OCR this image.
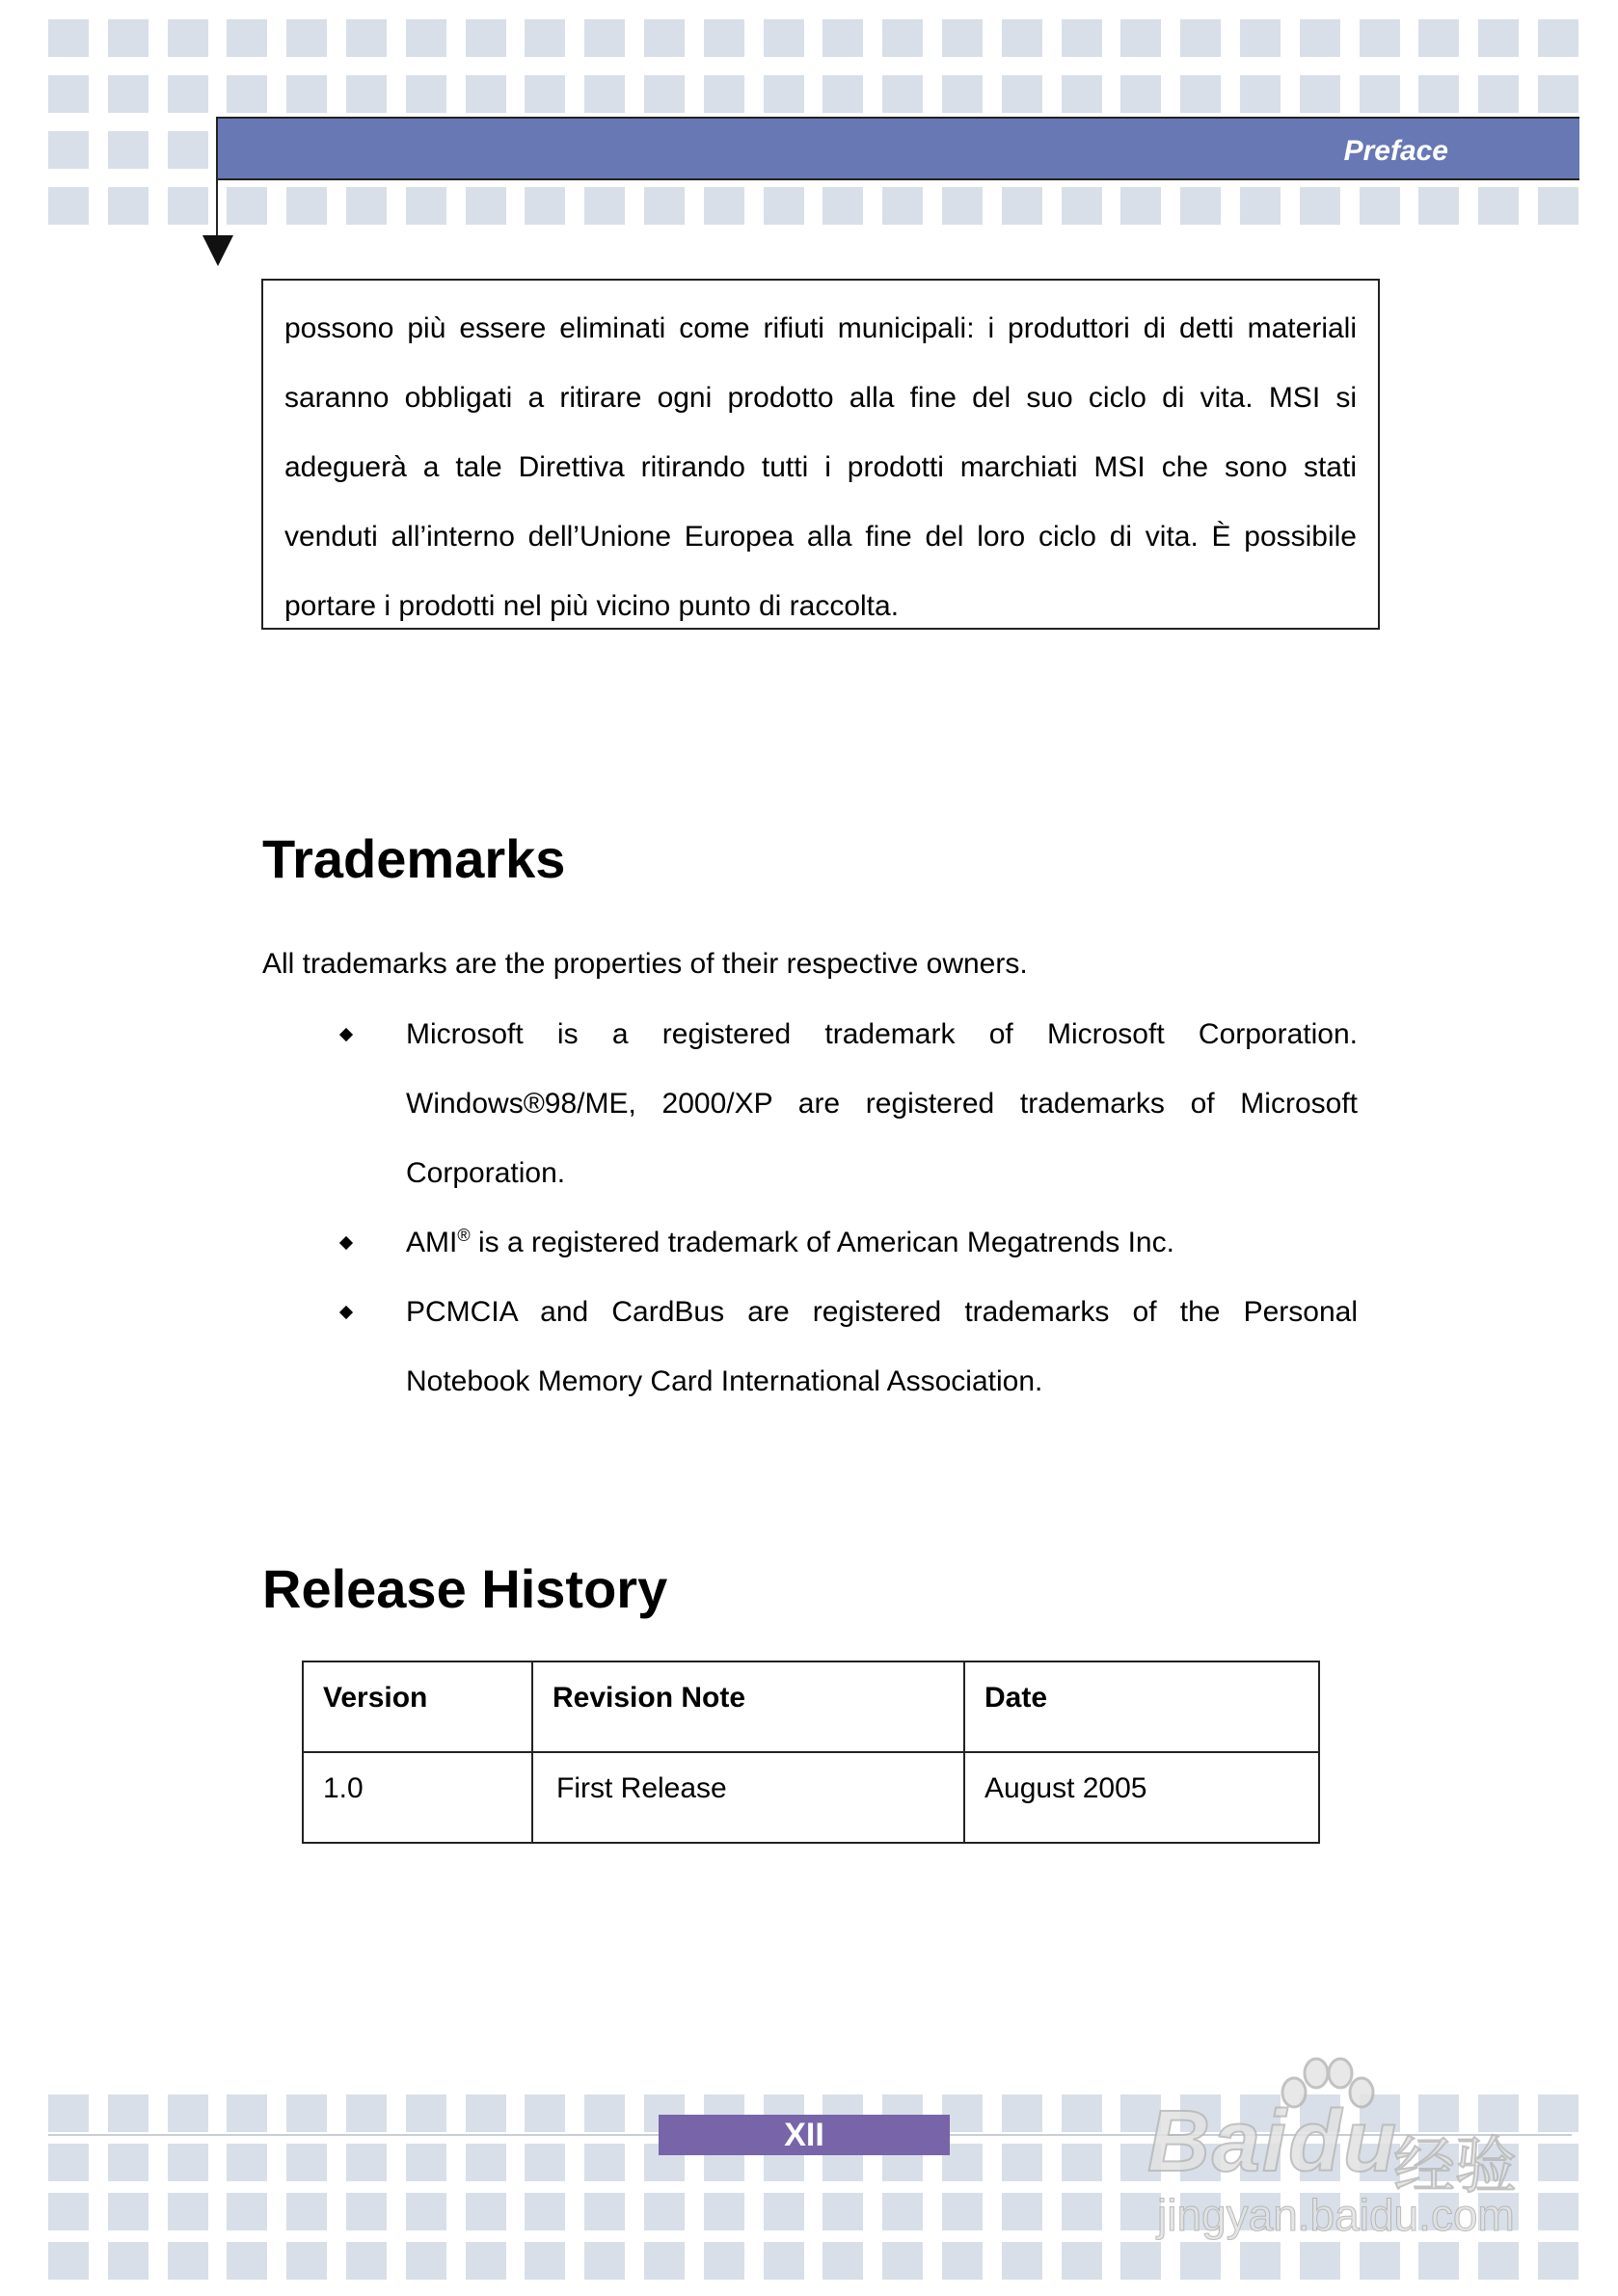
Preface

possono più essere eliminati come rifiuti municipali: i produttori di detti materiali saranno obbligati a ritirare ogni prodotto alla fine del suo ciclo di vita. MSI si adeguerà a tale Direttiva ritirando tutti i prodotti marchiati MSI che sono stati venduti all’interno dell’Unione Europea alla fine del loro ciclo di vita. È possibile portare i prodotti nel più vicino punto di raccolta.

Trademarks

All trademarks are the properties of their respective owners.

Microsoft is a registered trademark of Microsoft Corporation. Windows®98/ME, 2000/XP are registered trademarks of Microsoft Corporation.
AMI® is a registered trademark of American Megatrends Inc.
PCMCIA and CardBus are registered trademarks of the Personal Notebook Memory Card International Association.
Release History
Version	Revision Note	Date
1.0	First Release	August 2005
XII	Baidu
经验
jingyan.baidu.com
